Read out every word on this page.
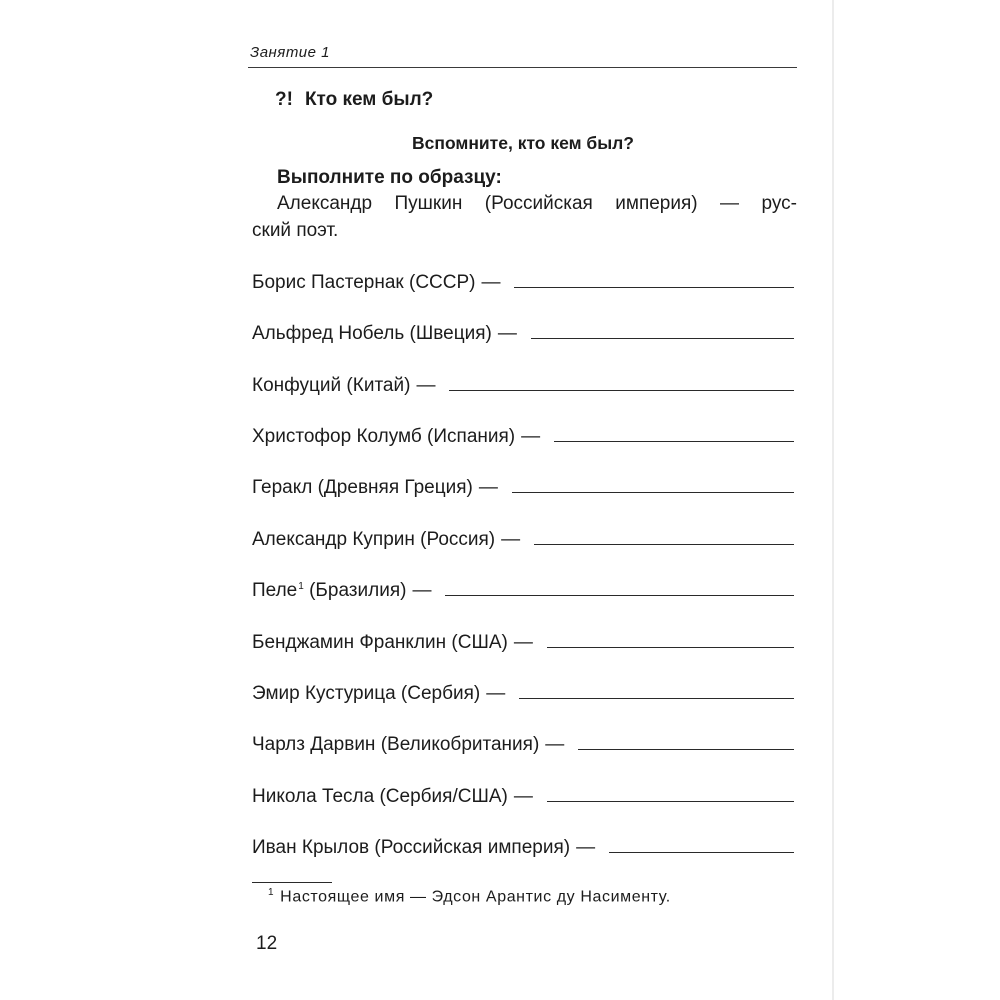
Занятие 1
?! Кто кем был?
Вспомните, кто кем был?
Выполните по образцу:
Александр Пушкин (Российская империя) — рус-
ский поэт.
Борис Пастернак (СССР) —
Альфред Нобель (Швеция) —
Конфуций (Китай) —
Христофор Колумб (Испания) —
Геракл (Древняя Греция) —
Александр Куприн (Россия) —
Пеле$^1$ (Бразилия) —
Бенджамин Франклин (США) —
Эмир Кустурица (Сербия) —
Чарлз Дарвин (Великобритания) —
Никола Тесла (Сербия/США) —
Иван Крылов (Российская империя) —
$^1$ Настоящее имя — Эдсон Арантис ду Насименту.
12
